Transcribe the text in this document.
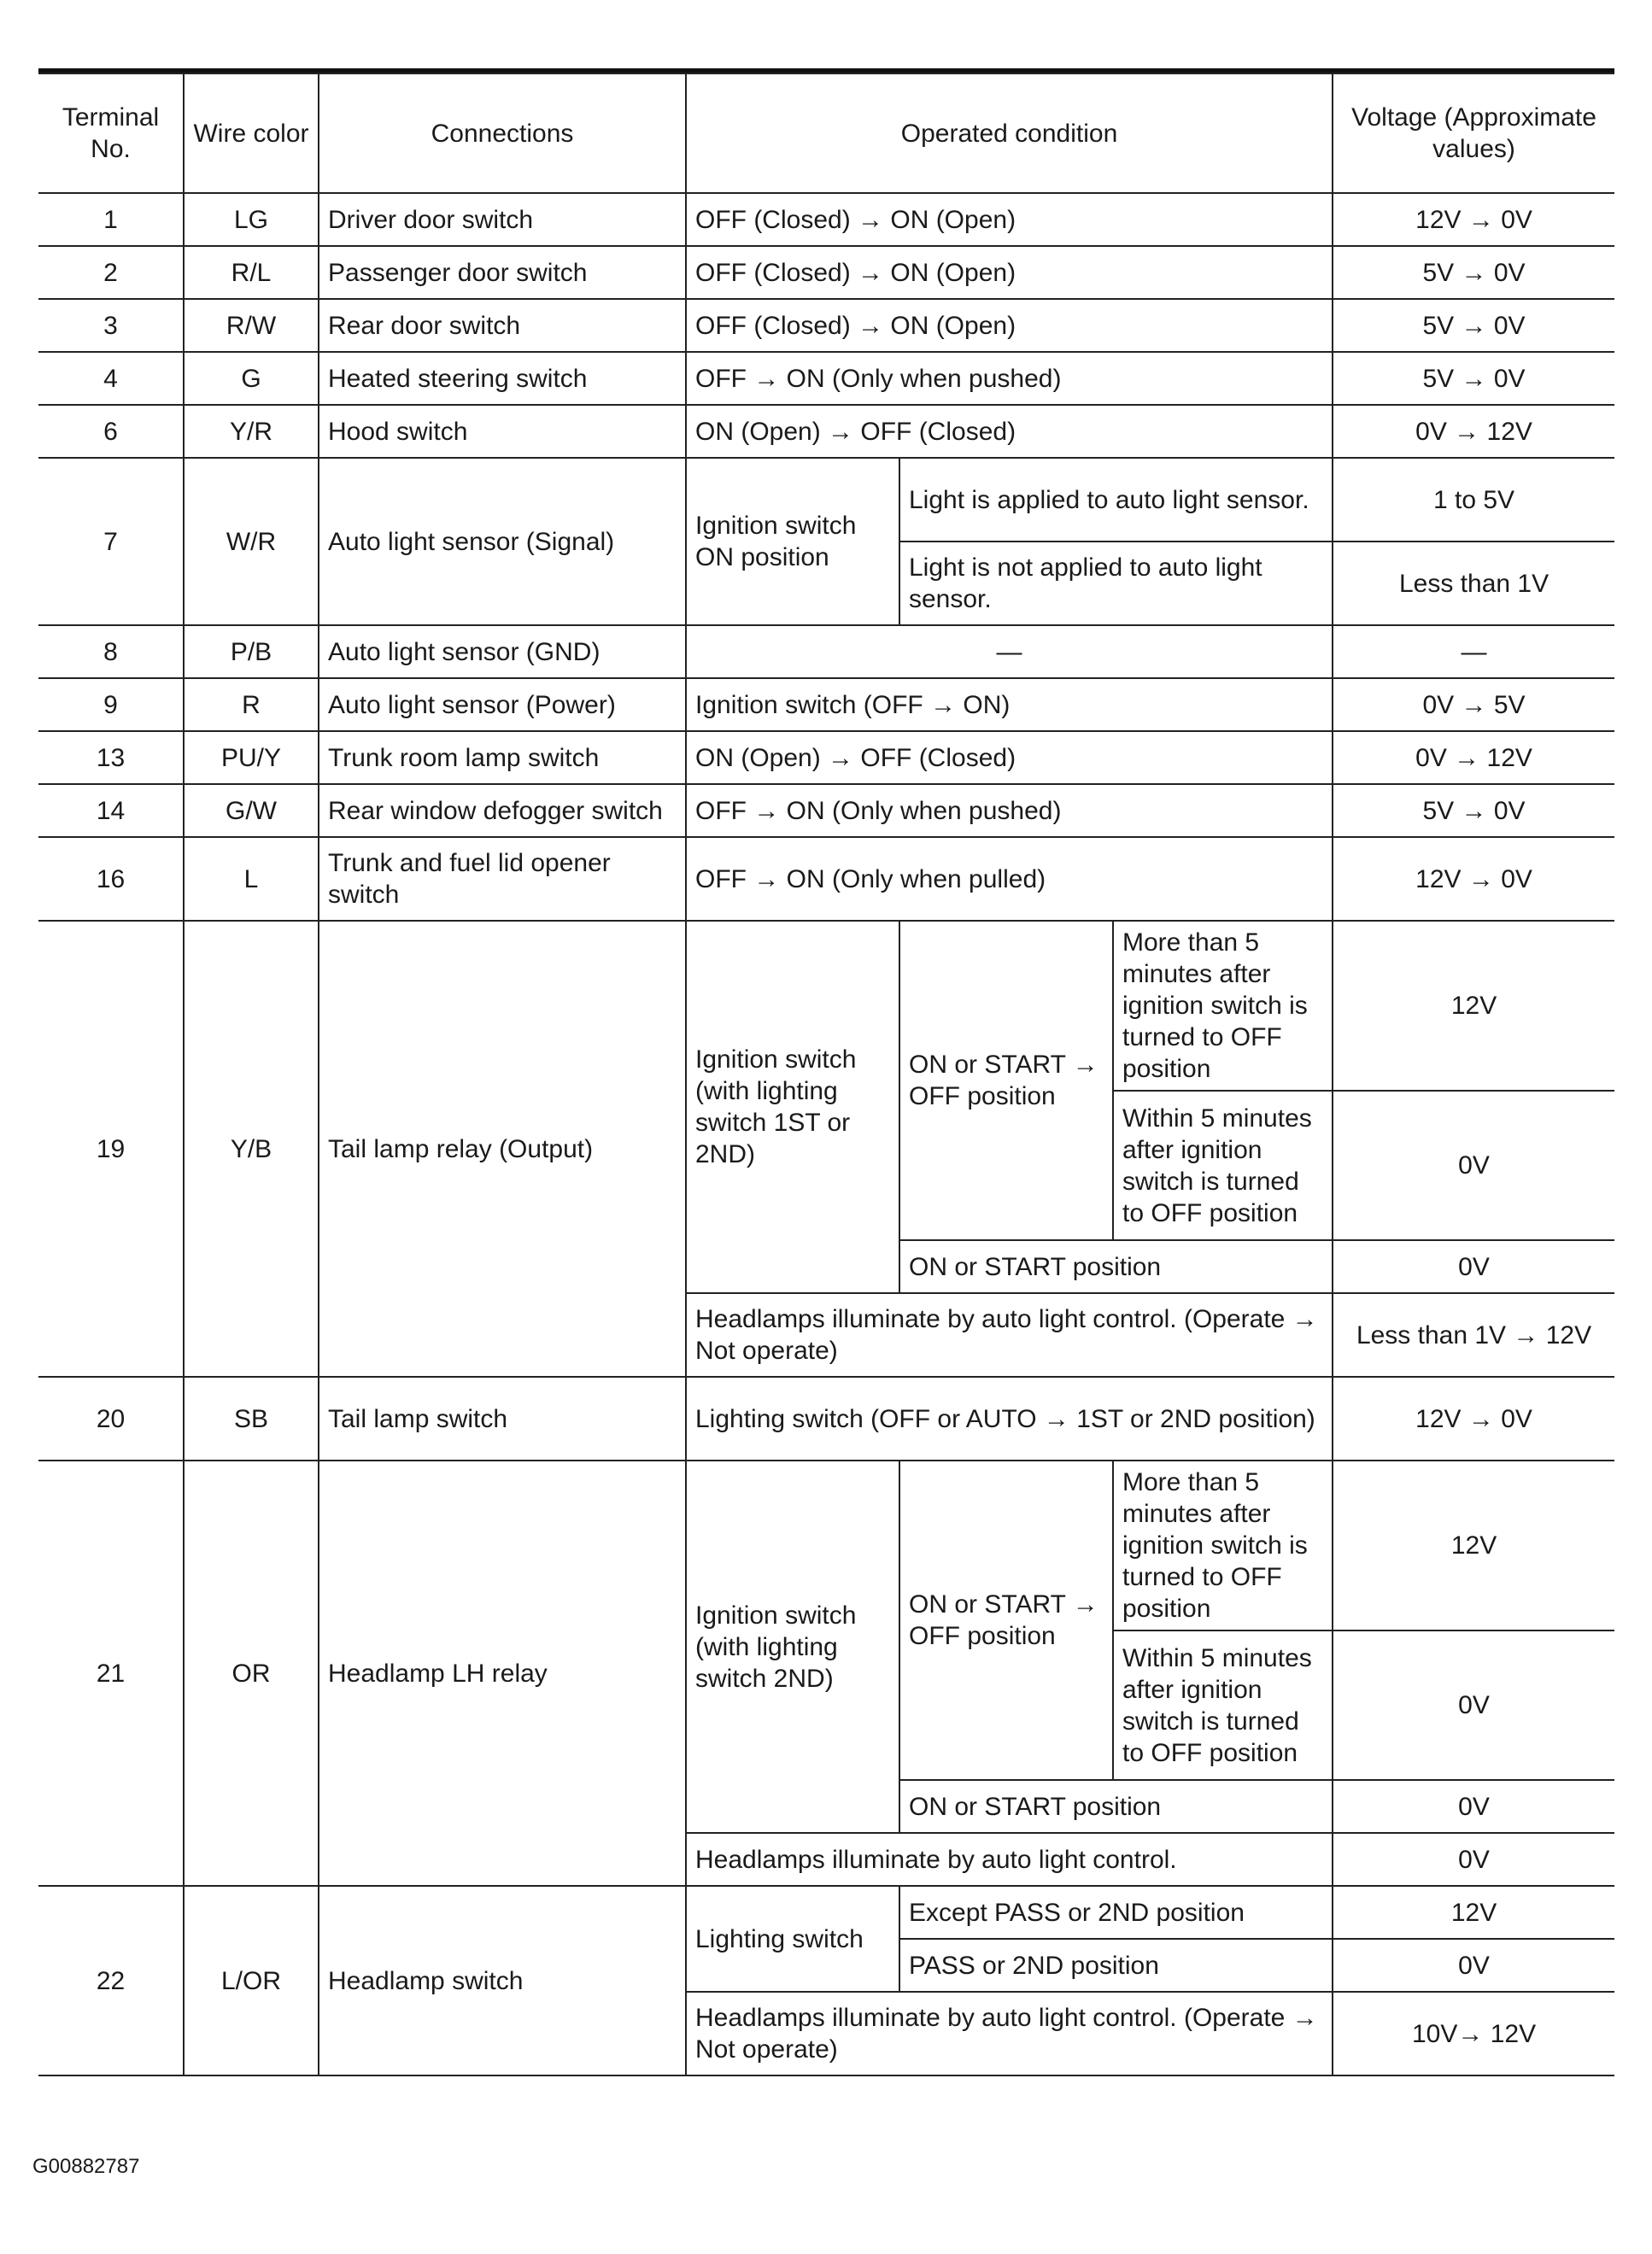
Terminal No.	Wire color	Connections	Operated condition			Voltage (Approximate values)
1	LG	Driver door switch	OFF (Closed) → ON (Open)			12V → 0V
2	R/L	Passenger door switch	OFF (Closed) → ON (Open)			5V → 0V
3	R/W	Rear door switch	OFF (Closed) → ON (Open)			5V → 0V
4	G	Heated steering switch	OFF → ON (Only when pushed)			5V → 0V
6	Y/R	Hood switch	ON (Open) → OFF (Closed)			0V → 12V
7	W/R	Auto light sensor (Signal)	Ignition switch ON position	Light is applied to auto light sensor.		1 to 5V
				Light is not applied to auto light sensor.		Less than 1V
8	P/B	Auto light sensor (GND)	—			—
9	R	Auto light sensor (Power)	Ignition switch (OFF → ON)			0V → 5V
13	PU/Y	Trunk room lamp switch	ON (Open) → OFF (Closed)			0V → 12V
14	G/W	Rear window defogger switch	OFF → ON (Only when pushed)			5V → 0V
16	L	Trunk and fuel lid opener switch	OFF → ON (Only when pulled)			12V → 0V
19	Y/B	Tail lamp relay (Output)	Ignition switch (with lighting switch 1ST or 2ND)	ON or START → OFF position	More than 5 minutes after ignition switch is turned to OFF position	12V
					Within 5 minutes after ignition switch is turned to OFF position	0V
				ON or START position		0V
			Headlamps illuminate by auto light control. (Operate → Not operate)			Less than 1V → 12V
20	SB	Tail lamp switch	Lighting switch (OFF or AUTO → 1ST or 2ND position)			12V → 0V
21	OR	Headlamp LH relay	Ignition switch (with lighting switch 2ND)	ON or START → OFF position	More than 5 minutes after ignition switch is turned to OFF position	12V
					Within 5 minutes after ignition switch is turned to OFF position	0V
				ON or START position		0V
			Headlamps illuminate by auto light control.			0V
22	L/OR	Headlamp switch	Lighting switch	Except PASS or 2ND position		12V
				PASS or 2ND position		0V
			Headlamps illuminate by auto light control. (Operate → Not operate)			10V→ 12V
G00882787
